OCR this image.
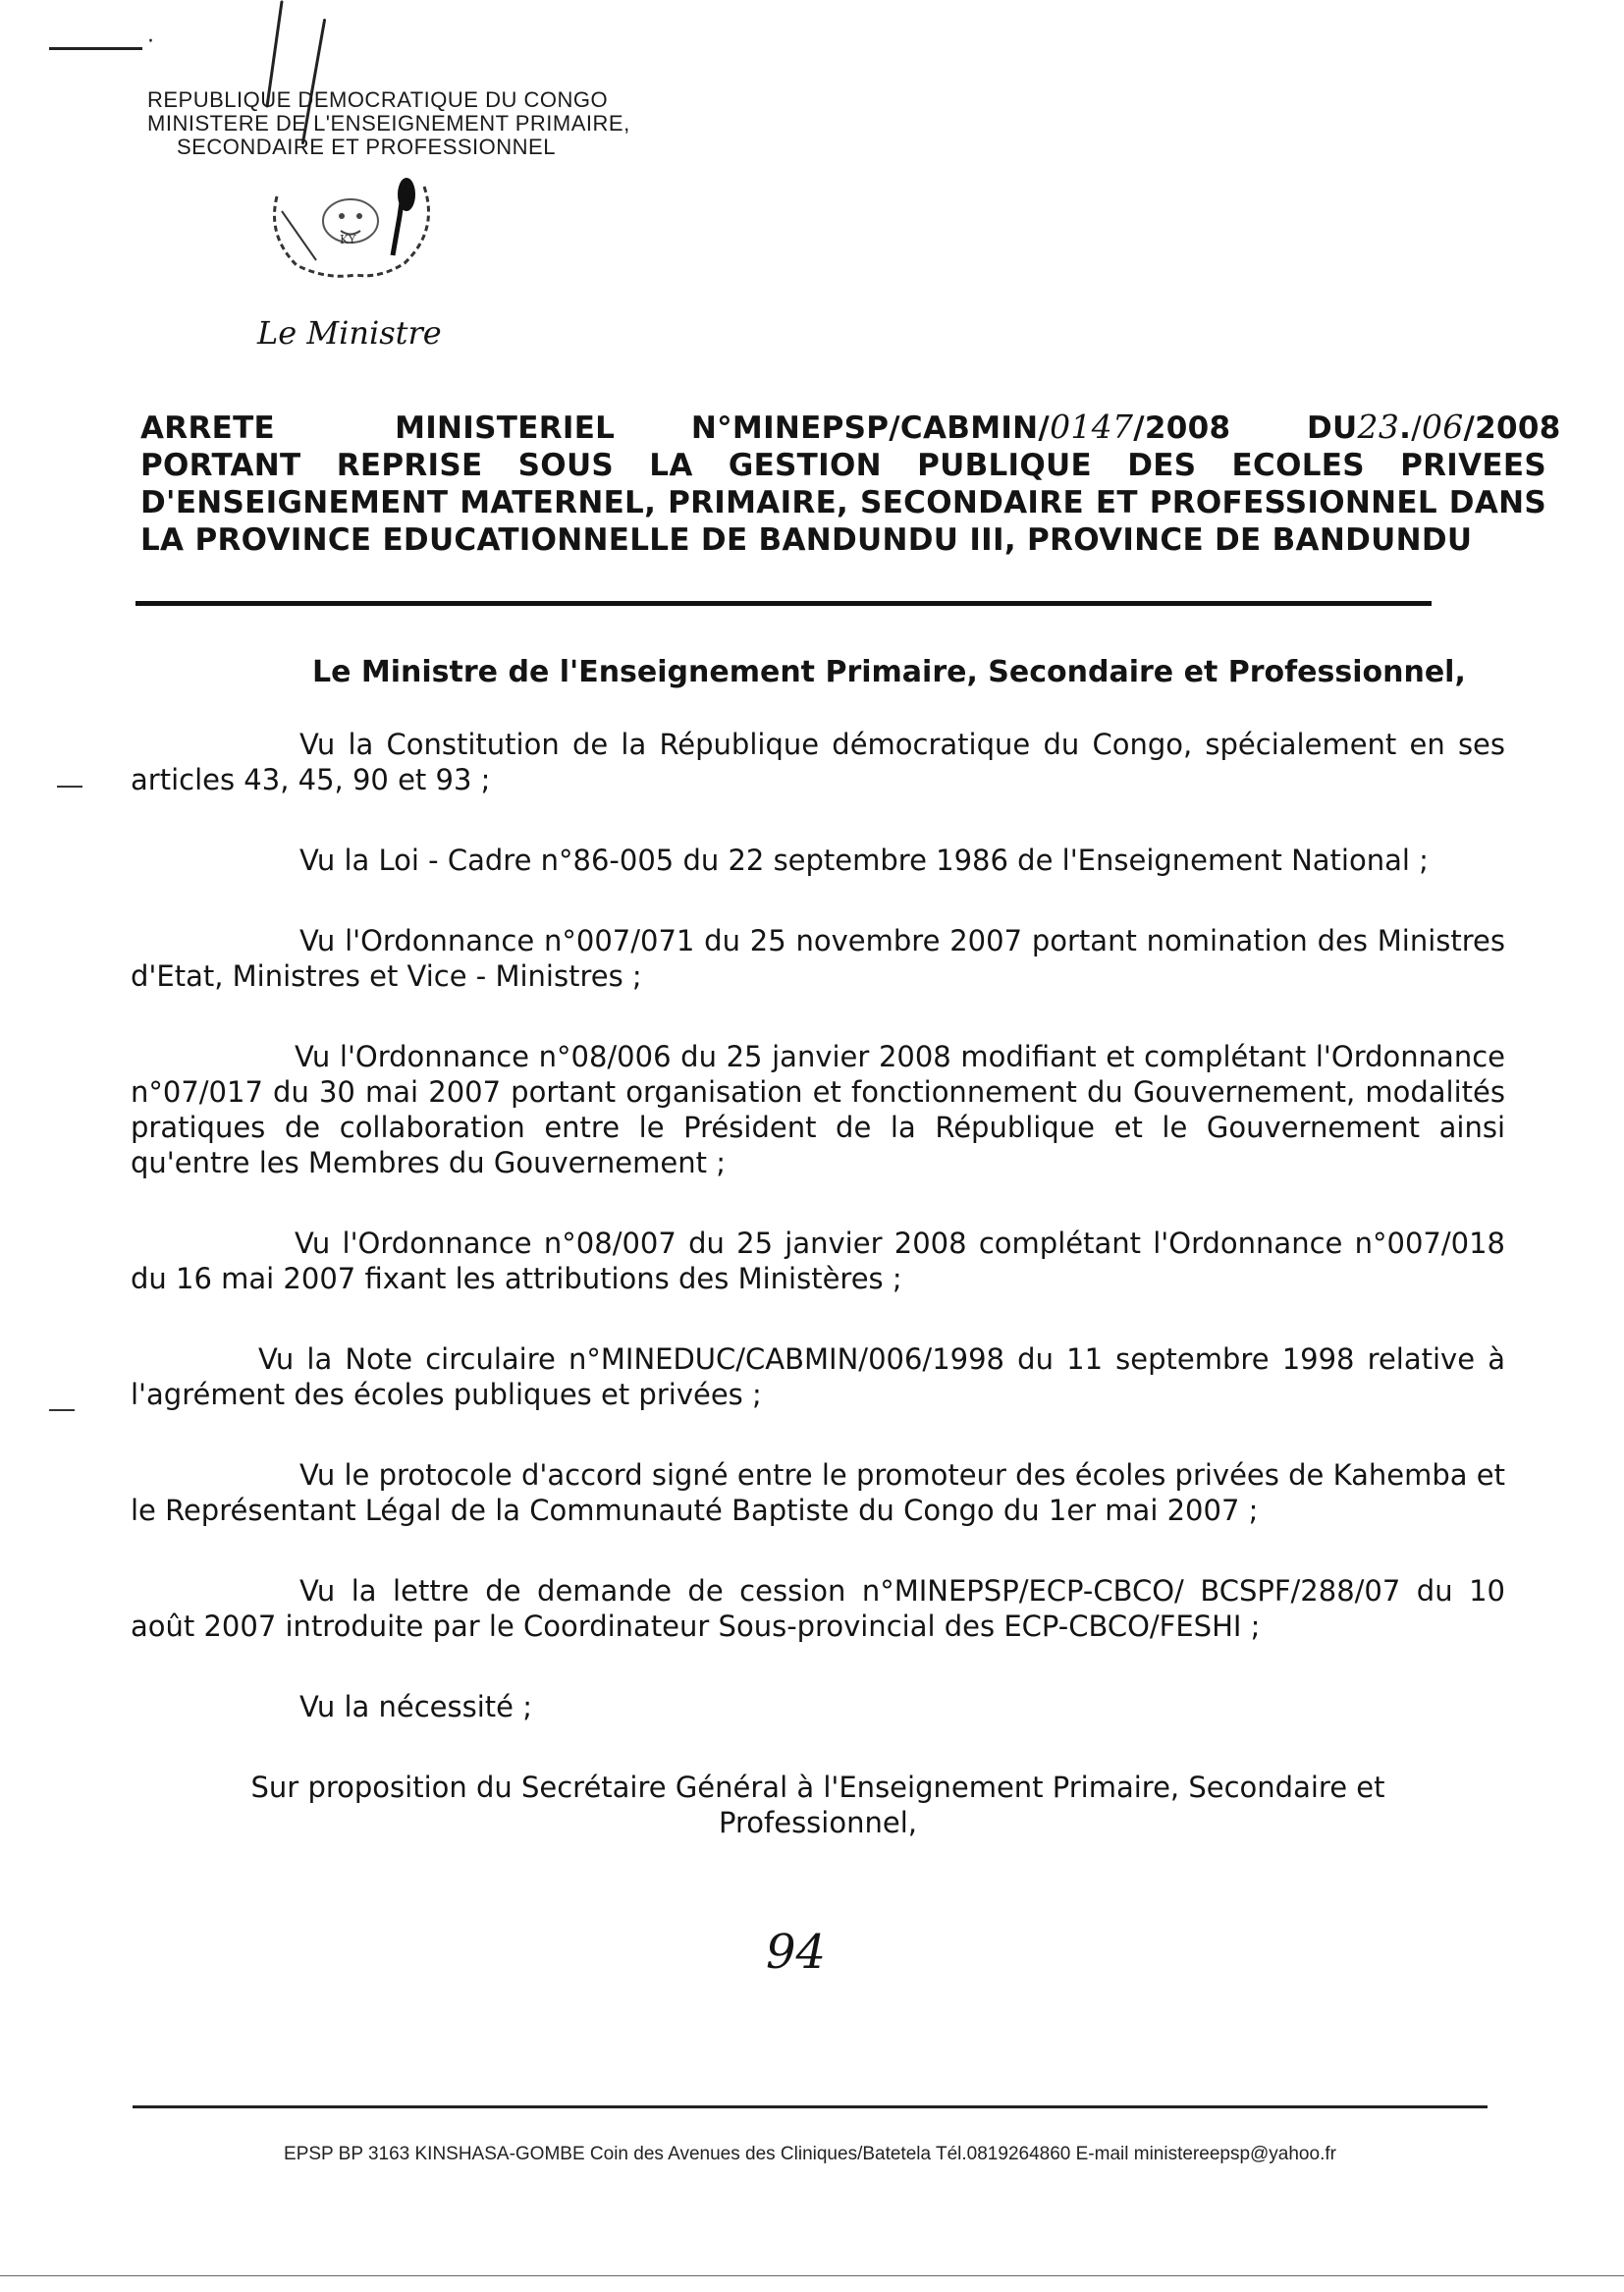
·
REPUBLIQUE DEMOCRATIQUE DU CONGO
MINISTERE DE L'ENSEIGNEMENT PRIMAIRE,
SECONDAIRE ET PROFESSIONNEL
KY
Le Ministre
ARRETE	MINISTERIEL	N°MINEPSP/CABMIN/0147/2008	DU23./06/2008
PORTANT REPRISE SOUS LA GESTION PUBLIQUE DES ECOLES PRIVEES
D'ENSEIGNEMENT MATERNEL, PRIMAIRE, SECONDAIRE ET PROFESSIONNEL DANS
LA PROVINCE EDUCATIONNELLE DE BANDUNDU III, PROVINCE DE BANDUNDU
Le Ministre de l'Enseignement Primaire, Secondaire et Professionnel,

Vu la Constitution de la République démocratique du Congo, spécialement en ses articles 43, 45, 90 et 93 ;

Vu la Loi - Cadre n°86-005 du 22 septembre 1986 de l'Enseignement National ;

Vu l'Ordonnance n°007/071 du 25 novembre 2007 portant nomination des Ministres d'Etat, Ministres et Vice - Ministres ;

Vu l'Ordonnance n°08/006 du 25 janvier 2008 modifiant et complétant l'Ordonnance n°07/017 du 30 mai 2007 portant organisation et fonctionnement du Gouvernement, modalités pratiques de collaboration entre le Président de la République et le Gouvernement ainsi qu'entre les Membres du Gouvernement ;

Vu l'Ordonnance n°08/007 du 25 janvier 2008 complétant l'Ordonnance n°007/018 du 16 mai 2007 fixant les attributions des Ministères ;

Vu la Note circulaire n°MINEDUC/CABMIN/006/1998 du 11 septembre 1998 relative à l'agrément des écoles publiques et privées ;

Vu le protocole d'accord signé entre le promoteur des écoles privées de Kahemba et le Représentant Légal de la Communauté Baptiste du Congo du 1er mai 2007 ;

Vu la lettre de demande de cession n°MINEPSP/ECP-CBCO/ BCSPF/288/07 du 10 août 2007 introduite par le Coordinateur Sous-provincial des ECP-CBCO/FESHI ;

Vu la nécessité ;

Sur proposition du Secrétaire Général à l'Enseignement Primaire, Secondaire et
Professionnel,

94
EPSP BP 3163 KINSHASA-GOMBE Coin des Avenues des Cliniques/Batetela Tél.0819264860 E-mail ministereepsp@yahoo.fr
